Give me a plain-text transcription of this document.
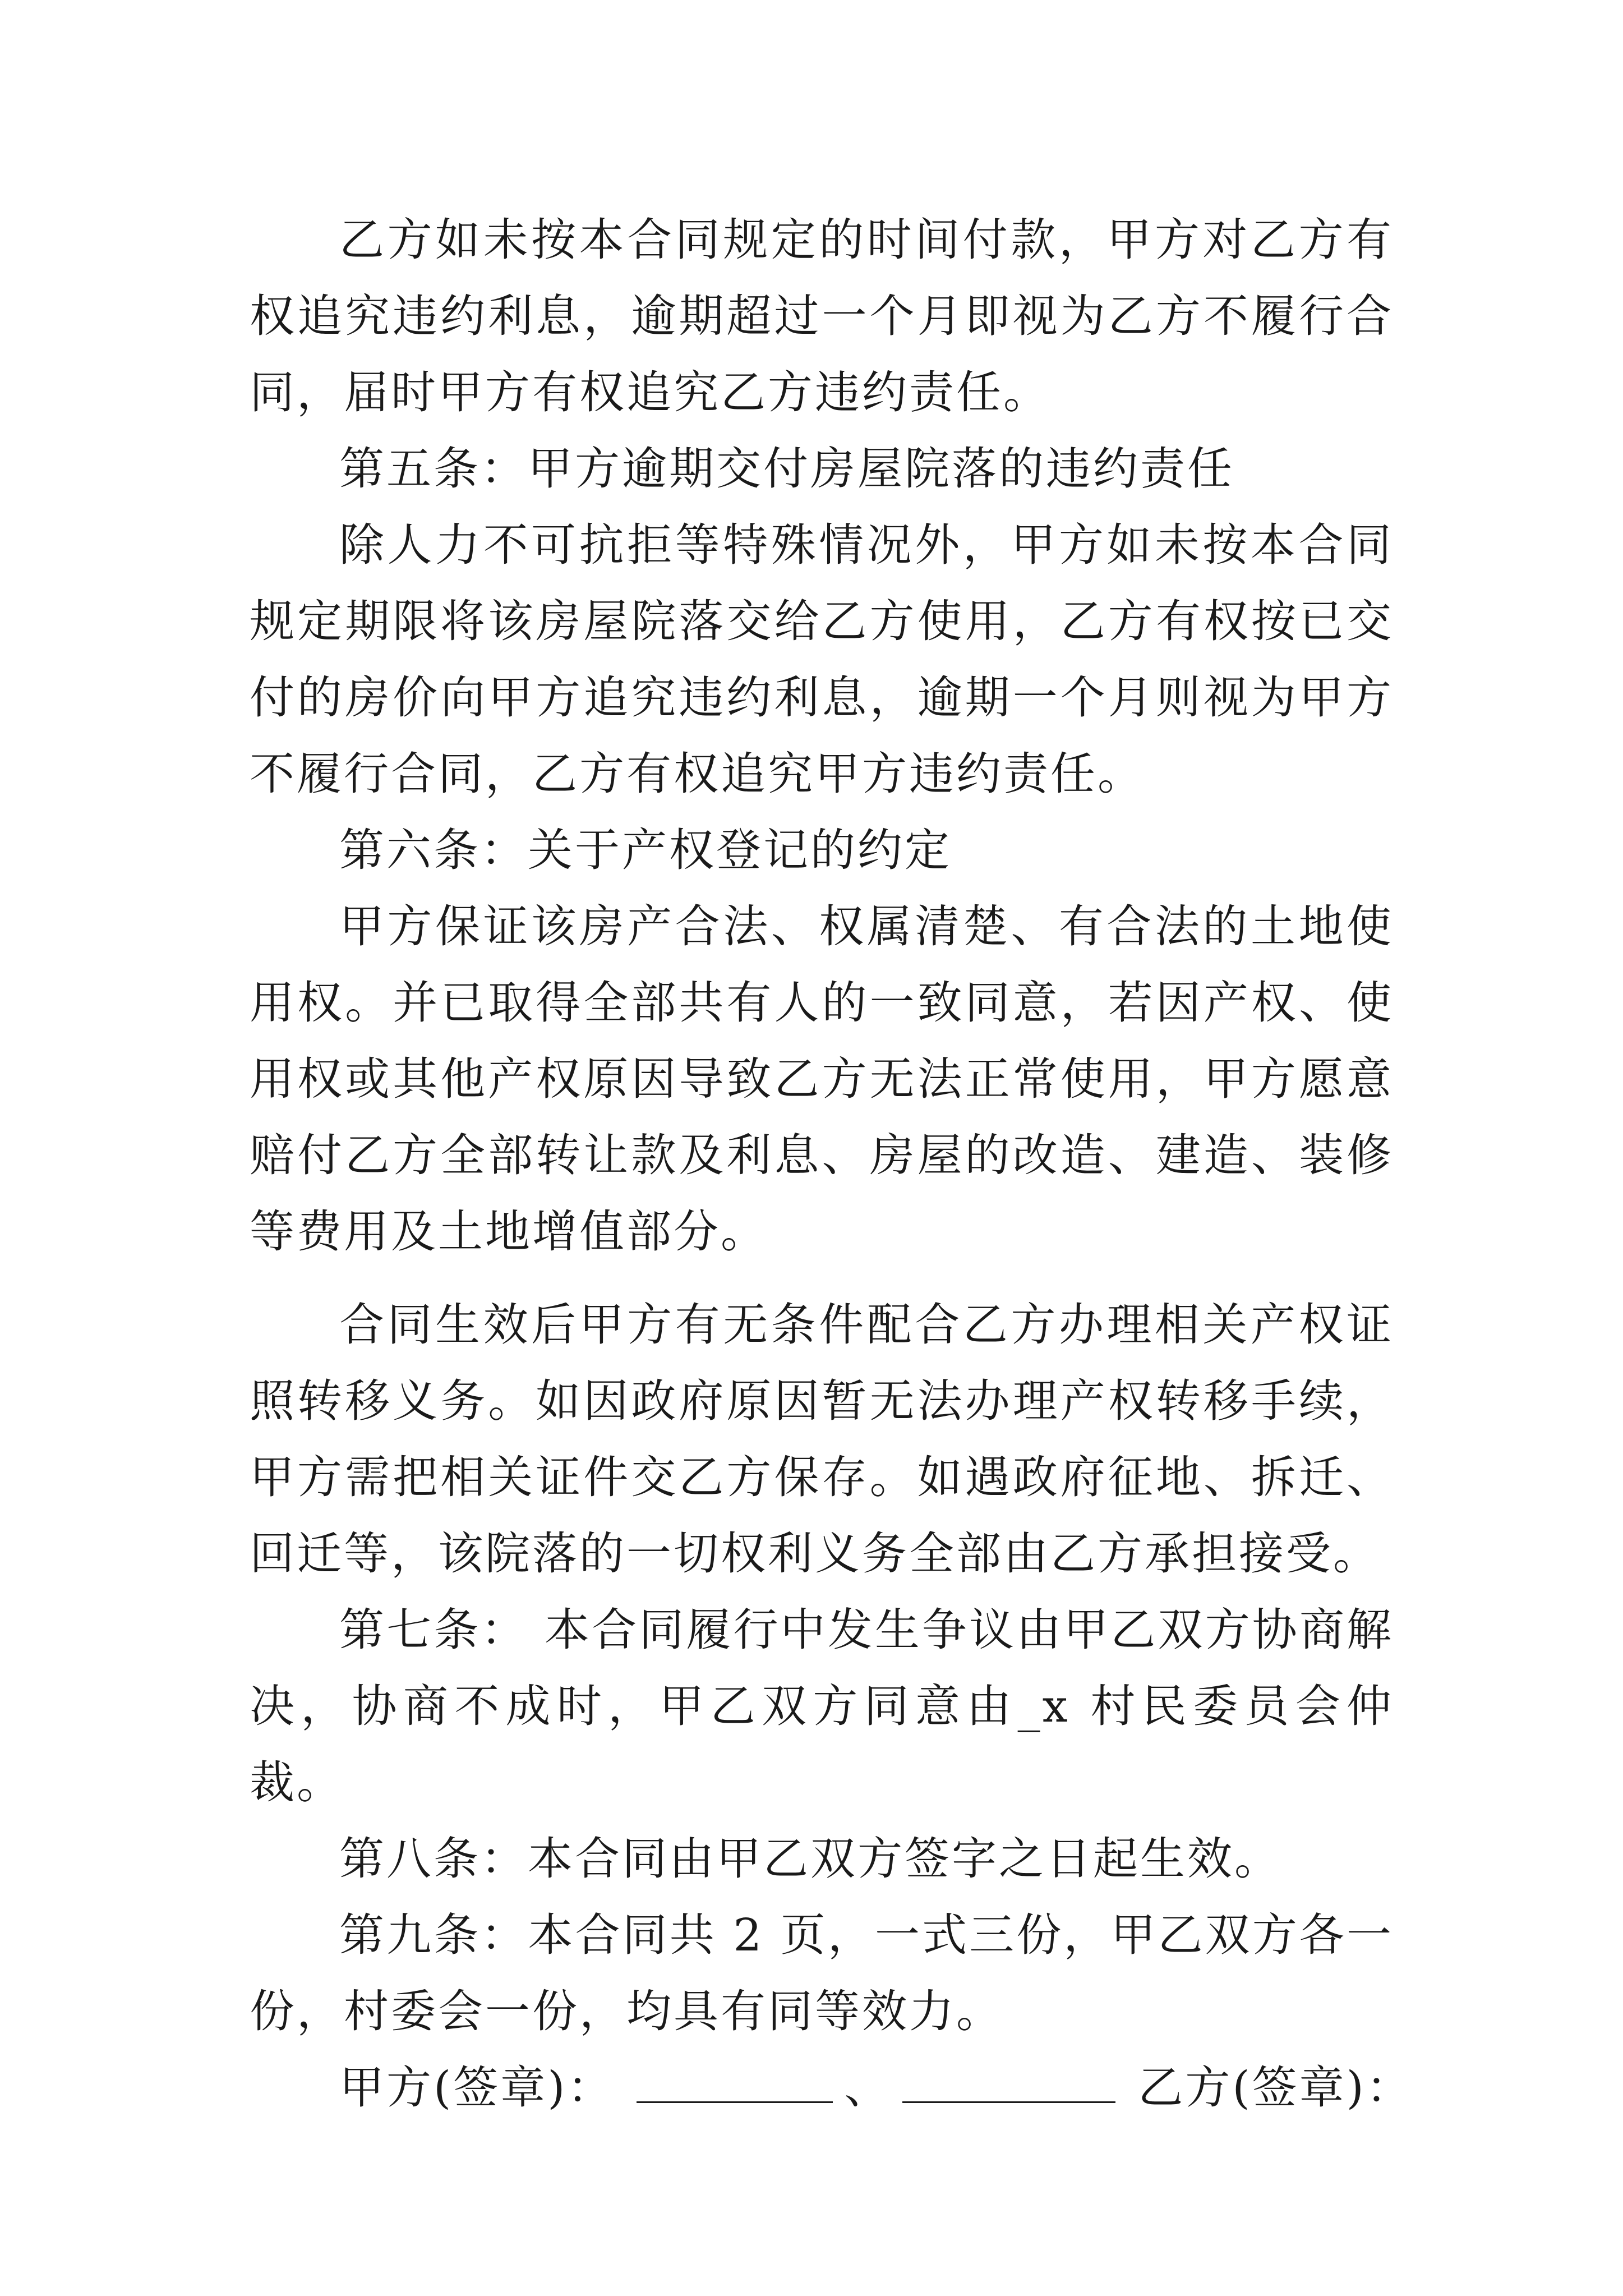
乙方如未按本合同规定的时间付款，甲方对乙方有权追究违约利息，逾期超过一个月即视为乙方不履行合同，届时甲方有权追究乙方违约责任。

第五条：甲方逾期交付房屋院落的违约责任

除人力不可抗拒等特殊情况外，甲方如未按本合同规定期限将该房屋院落交给乙方使用，乙方有权按已交付的房价向甲方追究违约利息，逾期一个月则视为甲方不履行合同，乙方有权追究甲方违约责任。

第六条：关于产权登记的约定

甲方保证该房产合法、权属清楚、有合法的土地使用权。并已取得全部共有人的一致同意，若因产权、使用权或其他产权原因导致乙方无法正常使用，甲方愿意赔付乙方全部转让款及利息、房屋的改造、建造、装修等费用及土地增值部分。

合同生效后甲方有无条件配合乙方办理相关产权证照转移义务。如因政府原因暂无法办理产权转移手续，甲方需把相关证件交乙方保存。如遇政府征地、拆迁、回迁等，该院落的一切权利义务全部由乙方承担接受。

第七条： 本合同履行中发生争议由甲乙双方协商解决，协商不成时，甲乙双方同意由_x 村民委员会仲裁。

第八条：本合同由甲乙双方签字之日起生效。

第九条：本合同共 2 页，一式三份，甲乙双方各一份，村委会一份，均具有同等效力。

甲方(签章)：	、	乙方(签章)：
